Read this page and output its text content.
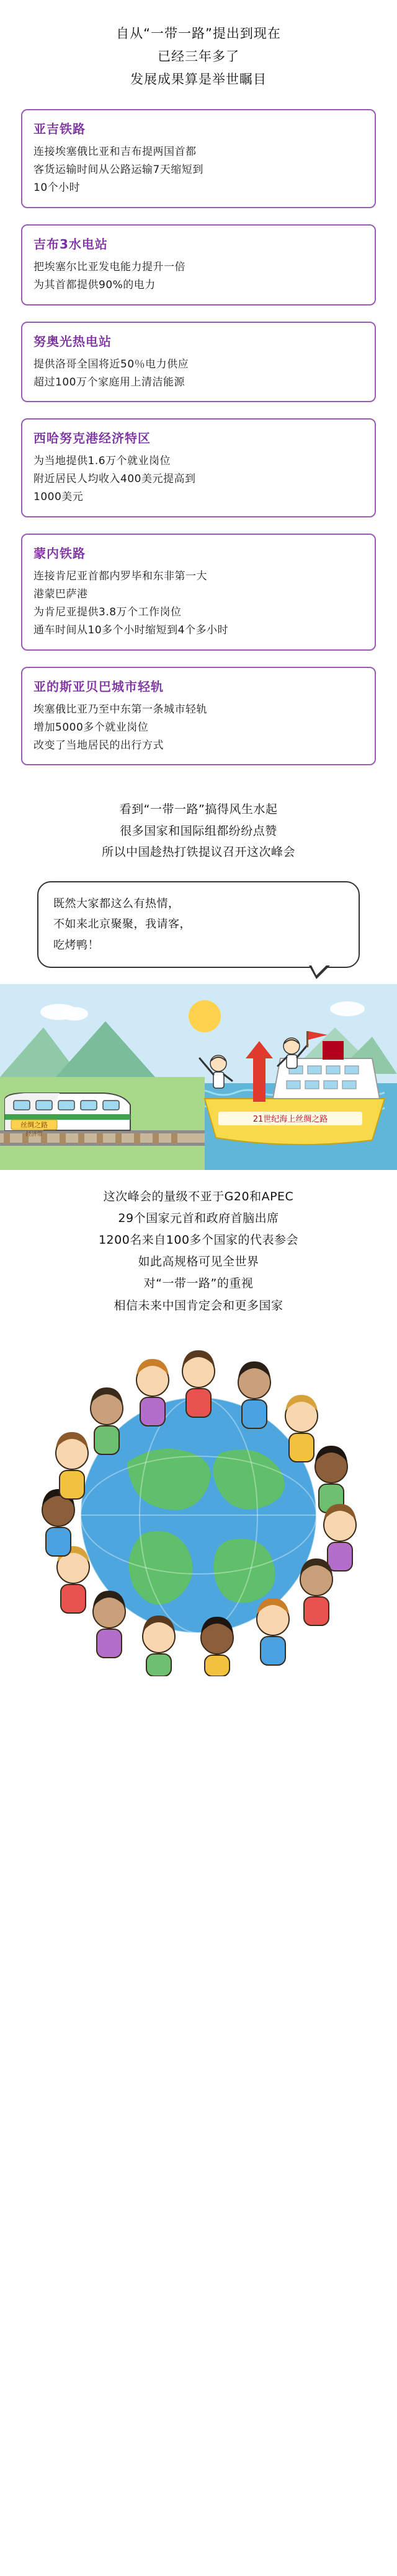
自从“一带一路”提出到现在

已经三年多了

发展成果算是举世瞩目

亚吉铁路
连接埃塞俄比亚和吉布提两国首都
客货运输时间从公路运输7天缩短到
10个小时
吉布3水电站
把埃塞尔比亚发电能力提升一倍
为其首都提供90%的电力
努奥光热电站
提供洛哥全国将近50％电力供应
超过100万个家庭用上清洁能源
西哈努克港经济特区
为当地提供1.6万个就业岗位
附近居民人均收入400美元提高到
1000美元
蒙内铁路
连接肯尼亚首都内罗毕和东非第一大
港蒙巴萨港
为肯尼亚提供3.8万个工作岗位
通车时间从10多个小时缩短到4个多小时
亚的斯亚贝巴城市轻轨
埃塞俄比亚乃至中东第一条城市轻轨
增加5000多个就业岗位
改变了当地居民的出行方式

看到“一带一路”搞得风生水起

很多国家和国际组都纷纷点赞

所以中国趁热打铁提议召开这次峰会

既然大家都这么有热情，

不如来北京聚聚，我请客，

吃烤鸭！

丝绸之路
经济带
21世纪海上丝绸之路

这次峰会的量级不亚于G20和APEC

29个国家元首和政府首脑出席

1200名来自100多个国家的代表参会

如此高规格可见全世界

对“一带一路”的重视

相信未来中国肯定会和更多国家
